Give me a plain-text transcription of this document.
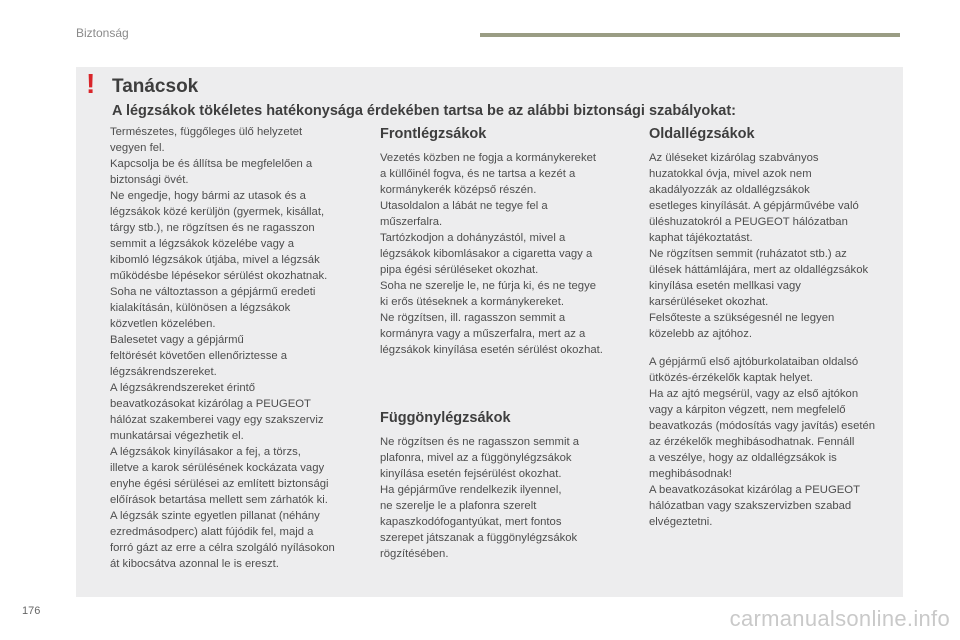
Biztonság
! Tanácsok
A légzsákok tökéletes hatékonysága érdekében tartsa be az alábbi biztonsági szabályokat:

Természetes, függőleges ülő helyzetet
vegyen fel.
Kapcsolja be és állítsa be megfelelően a
biztonsági övét.
Ne engedje, hogy bármi az utasok és a
légzsákok közé kerüljön (gyermek, kisállat,
tárgy stb.), ne rögzítsen és ne ragasszon
semmit a légzsákok közelébe vagy a
kibomló légzsákok útjába, mivel a légzsák
működésbe lépésekor sérülést okozhatnak.
Soha ne változtasson a gépjármű eredeti
kialakításán, különösen a légzsákok
közvetlen közelében.
Balesetet vagy a gépjármű
feltörését követően ellenőriztesse a
légzsákrendszereket.
A légzsákrendszereket érintő
beavatkozásokat kizárólag a PEUGEOT
hálózat szakemberei vagy egy szakszerviz
munkatársai végezhetik el.
A légzsákok kinyílásakor a fej, a törzs,
illetve a karok sérülésének kockázata vagy
enyhe égési sérülései az említett biztonsági
előírások betartása mellett sem zárhatók ki.
A légzsák szinte egyetlen pillanat (néhány
ezredmásodperc) alatt fújódik fel, majd a
forró gázt az erre a célra szolgáló nyílásokon
át kibocsátva azonnal le is ereszt.

Frontlégzsákok

Vezetés közben ne fogja a kormánykereket
a küllőinél fogva, és ne tartsa a kezét a
kormánykerék középső részén.
Utasoldalon a lábát ne tegye fel a
műszerfalra.
Tartózkodjon a dohányzástól, mivel a
légzsákok kibomlásakor a cigaretta vagy a
pipa égési sérüléseket okozhat.
Soha ne szerelje le, ne fúrja ki, és ne tegye
ki erős ütéseknek a kormánykereket.
Ne rögzítsen, ill. ragasszon semmit a
kormányra vagy a műszerfalra, mert az a
légzsákok kinyílása esetén sérülést okozhat.

Függönylégzsákok

Ne rögzítsen és ne ragasszon semmit a
plafonra, mivel az a függönylégzsákok
kinyílása esetén fejsérülést okozhat.
Ha gépjárműve rendelkezik ilyennel,
ne szerelje le a plafonra szerelt
kapaszkodófogantyúkat, mert fontos
szerepet játszanak a függönylégzsákok
rögzítésében.

Oldallégzsákok

Az üléseket kizárólag szabványos
huzatokkal óvja, mivel azok nem
akadályozzák az oldallégzsákok
esetleges kinyílását. A gépjárművébe való
üléshuzatokról a PEUGEOT hálózatban
kaphat tájékoztatást.
Ne rögzítsen semmit (ruházatot stb.) az
ülések háttámlájára, mert az oldallégzsákok
kinyílása esetén mellkasi vagy
karsérüléseket okozhat.
Felsőteste a szükségesnél ne legyen
közelebb az ajtóhoz.

A gépjármű első ajtóburkolataiban oldalsó
ütközés-érzékelők kaptak helyet.
Ha az ajtó megsérül, vagy az első ajtókon
vagy a kárpiton végzett, nem megfelelő
beavatkozás (módosítás vagy javítás) esetén
az érzékelők meghibásodhatnak. Fennáll
a veszélye, hogy az oldallégzsákok is
meghibásodnak!
A beavatkozásokat kizárólag a PEUGEOT
hálózatban vagy szakszervizben szabad
elvégeztetni.

176	carmanualsonline.info
